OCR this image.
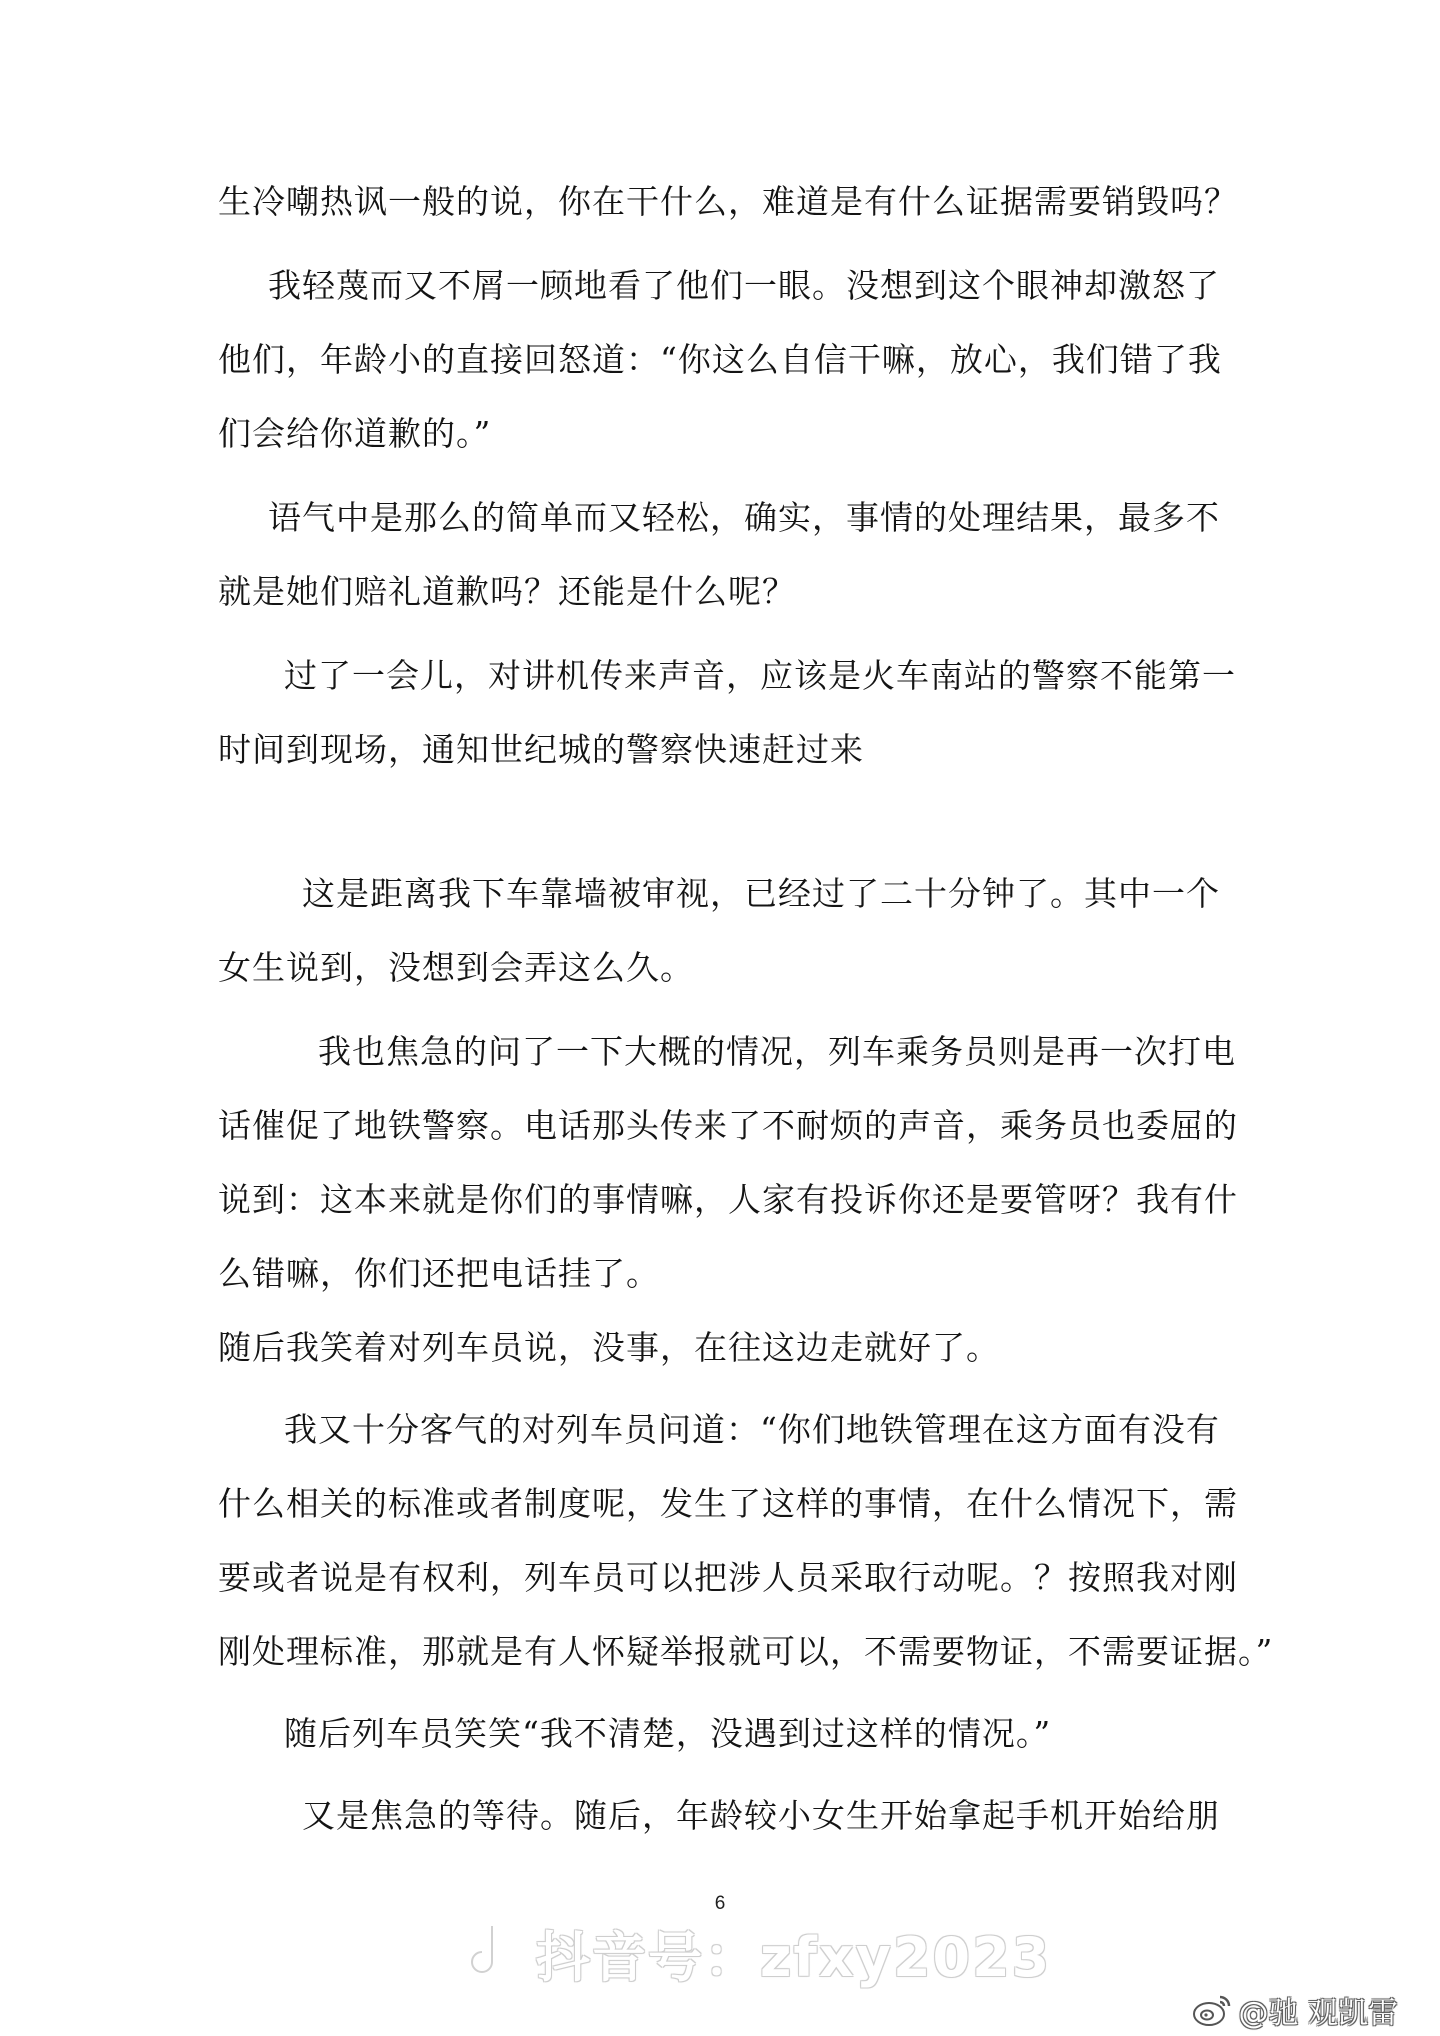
生冷嘲热讽一般的说，你在干什么，难道是有什么证据需要销毁吗？
我轻蔑而又不屑一顾地看了他们一眼。没想到这个眼神却激怒了
他们，年龄小的直接回怒道：“你这么自信干嘛，放心，我们错了我
们会给你道歉的。”
语气中是那么的简单而又轻松，确实，事情的处理结果，最多不
就是她们赔礼道歉吗？还能是什么呢？
过了一会儿，对讲机传来声音，应该是火车南站的警察不能第一
时间到现场，通知世纪城的警察快速赶过来
这是距离我下车靠墙被审视，已经过了二十分钟了。其中一个
女生说到，没想到会弄这么久。
我也焦急的问了一下大概的情况，列车乘务员则是再一次打电
话催促了地铁警察。电话那头传来了不耐烦的声音，乘务员也委屈的
说到：这本来就是你们的事情嘛，人家有投诉你还是要管呀？我有什
么错嘛，你们还把电话挂了。
随后我笑着对列车员说，没事，在往这边走就好了。
我又十分客气的对列车员问道：“你们地铁管理在这方面有没有
什么相关的标准或者制度呢，发生了这样的事情，在什么情况下，需
要或者说是有权利，列车员可以把涉人员采取行动呢。？按照我对刚
刚处理标准，那就是有人怀疑举报就可以，不需要物证，不需要证据。”
随后列车员笑笑“我不清楚，没遇到过这样的情况。”
又是焦急的等待。随后，年龄较小女生开始拿起手机开始给朋
6
抖音号：zfxy2023
@驰 观凯雷
